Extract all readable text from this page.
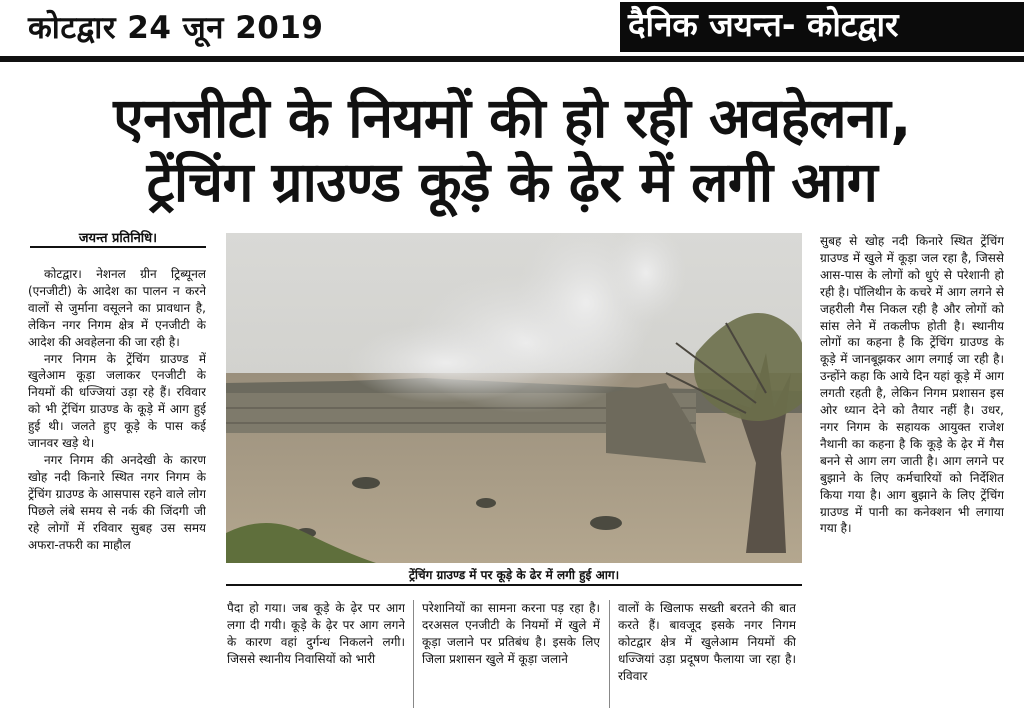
कोटद्वार 24 जून 2019	दैनिक जयन्त- कोटद्वार
एनजीटी के नियमों की हो रही अवहेलना,
ट्रेंचिंग ग्राउण्ड कूड़े के ढ़ेर में लगी आग
जयन्त प्रतिनिधि।

कोटद्वार। नेशनल ग्रीन ट्रिब्यूनल (एनजीटी) के आदेश का पालन न करने वालों से जुर्माना वसूलने का प्रावधान है, लेकिन नगर निगम क्षेत्र में एनजीटी के आदेश की अवहेलना की जा रही है।

नगर निगम के ट्रेंचिंग ग्राउण्ड में खुलेआम कूड़ा जलाकर एनजीटी के नियमों की धज्जियां उड़ा रहे हैं। रविवार को भी ट्रेंचिंग ग्राउण्ड के कूड़े में आग हुई हुई थी। जलते हुए कूड़े के पास कई जानवर खड़े थे।

नगर निगम की अनदेखी के कारण खोह नदी किनारे स्थित नगर निगम के ट्रेंचिंग ग्राउण्ड के आसपास रहने वाले लोग पिछले लंबे समय से नर्क की जिंदगी जी रहे लोगों में रविवार सुबह उस समय अफरा-तफरी का माहौल

ट्रेंचिंग ग्राउण्ड में पर कूड़े के ढेर में लगी हुई आग।

पैदा हो गया। जब कूड़े के ढ़ेर पर आग लगा दी गयी। कूड़े के ढ़ेर पर आग लगने के कारण वहां दुर्गन्ध निकलने लगी। जिससे स्थानीय निवासियों को भारी

परेशानियों का सामना करना पड़ रहा है। दरअसल एनजीटी के नियमों में खुले में कूड़ा जलाने पर प्रतिबंध है। इसके लिए जिला प्रशासन खुले में कूड़ा जलाने

वालों के खिलाफ सख्ती बरतने की बात करते हैं। बावजूद इसके नगर निगम कोटद्वार क्षेत्र में खुलेआम नियमों की धज्जियां उड़ा प्रदूषण फैलाया जा रहा है। रविवार

सुबह से खोह नदी किनारे स्थित ट्रेंचिंग ग्राउण्ड में खुले में कूड़ा जल रहा है, जिससे आस-पास के लोगों को धुएं से परेशानी हो रही है। पॉलिथीन के कचरे में आग लगने से जहरीली गैस निकल रही है और लोगों को सांस लेने में तकलीफ होती है। स्थानीय लोगों का कहना है कि ट्रेंचिंग ग्राउण्ड के कूड़े में जानबूझकर आग लगाई जा रही है। उन्होंने कहा कि आये दिन यहां कूड़े में आग लगती रहती है, लेकिन निगम प्रशासन इस ओर ध्यान देने को तैयार नहीं है। उधर, नगर निगम के सहायक आयुक्त राजेश नैथानी का कहना है कि कूड़े के ढ़ेर में गैस बनने से आग लग जाती है। आग लगने पर बुझाने के लिए कर्मचारियों को निर्देशित किया गया है। आग बुझाने के लिए ट्रेंचिंग ग्राउण्ड में पानी का कनेक्शन भी लगाया गया है।
